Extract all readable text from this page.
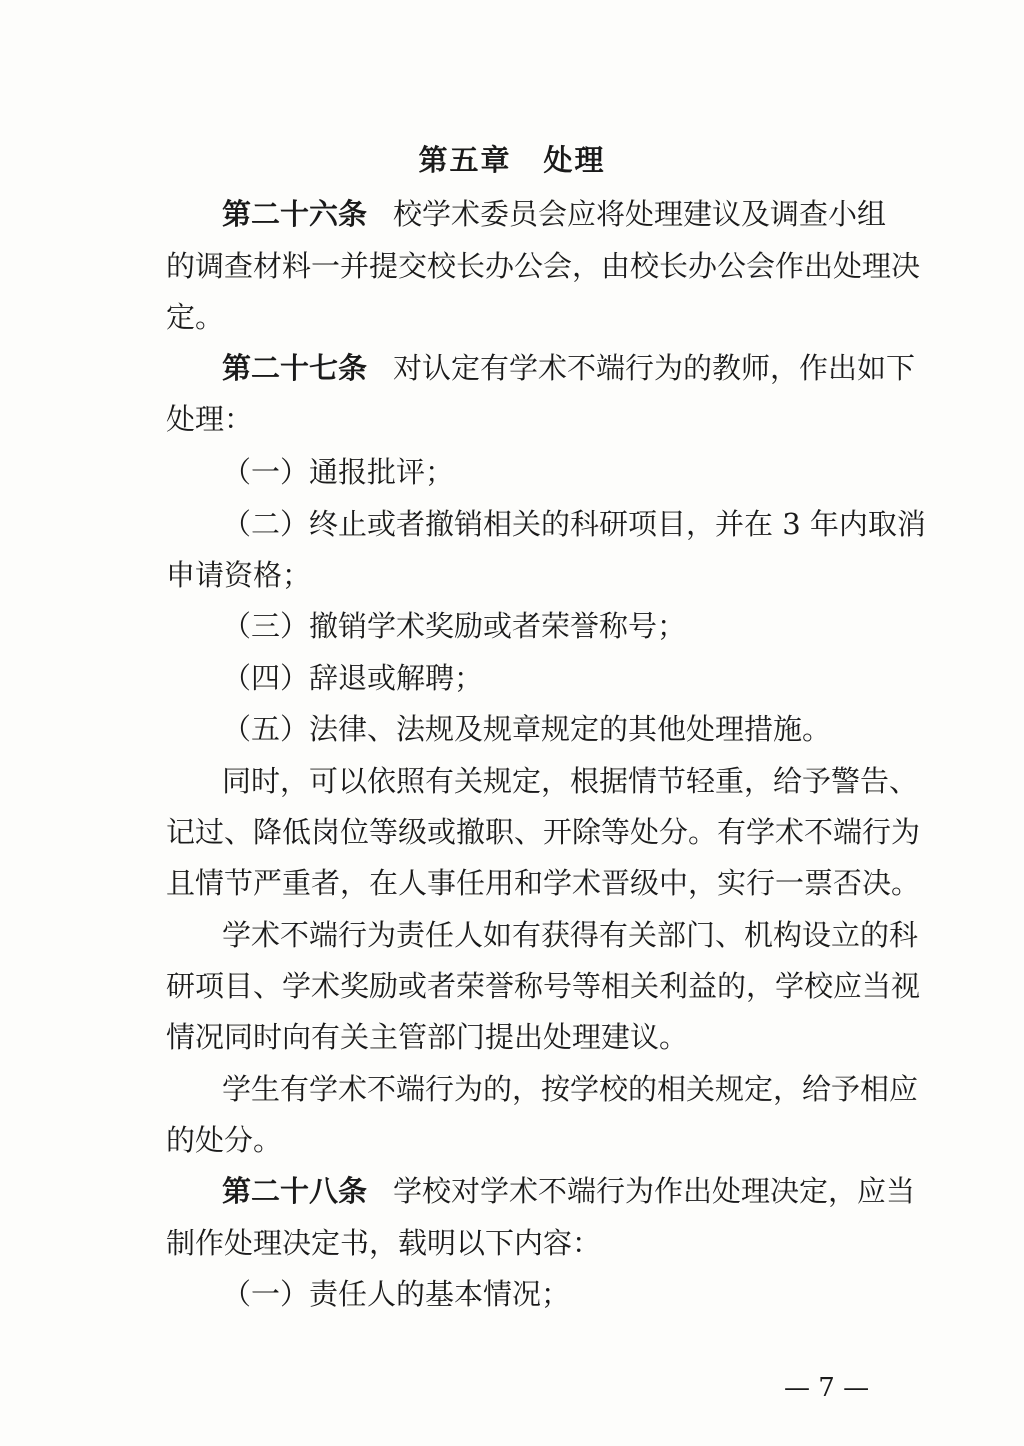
第五章 处理
第二十六条 校学术委员会应将处理建议及调查小组
的调查材料一并提交校长办公会，由校长办公会作出处理决
定。
第二十七条 对认定有学术不端行为的教师，作出如下
处理：
（一）通报批评；
（二）终止或者撤销相关的科研项目，并在 3 年内取消
申请资格；
（三）撤销学术奖励或者荣誉称号；
（四）辞退或解聘；
（五）法律、法规及规章规定的其他处理措施。
同时，可以依照有关规定，根据情节轻重，给予警告、
记过、降低岗位等级或撤职、开除等处分。有学术不端行为
且情节严重者，在人事任用和学术晋级中，实行一票否决。
学术不端行为责任人如有获得有关部门、机构设立的科
研项目、学术奖励或者荣誉称号等相关利益的，学校应当视
情况同时向有关主管部门提出处理建议。
学生有学术不端行为的，按学校的相关规定，给予相应
的处分。
第二十八条 学校对学术不端行为作出处理决定，应当
制作处理决定书，载明以下内容：
（一）责任人的基本情况；
— 7 —
